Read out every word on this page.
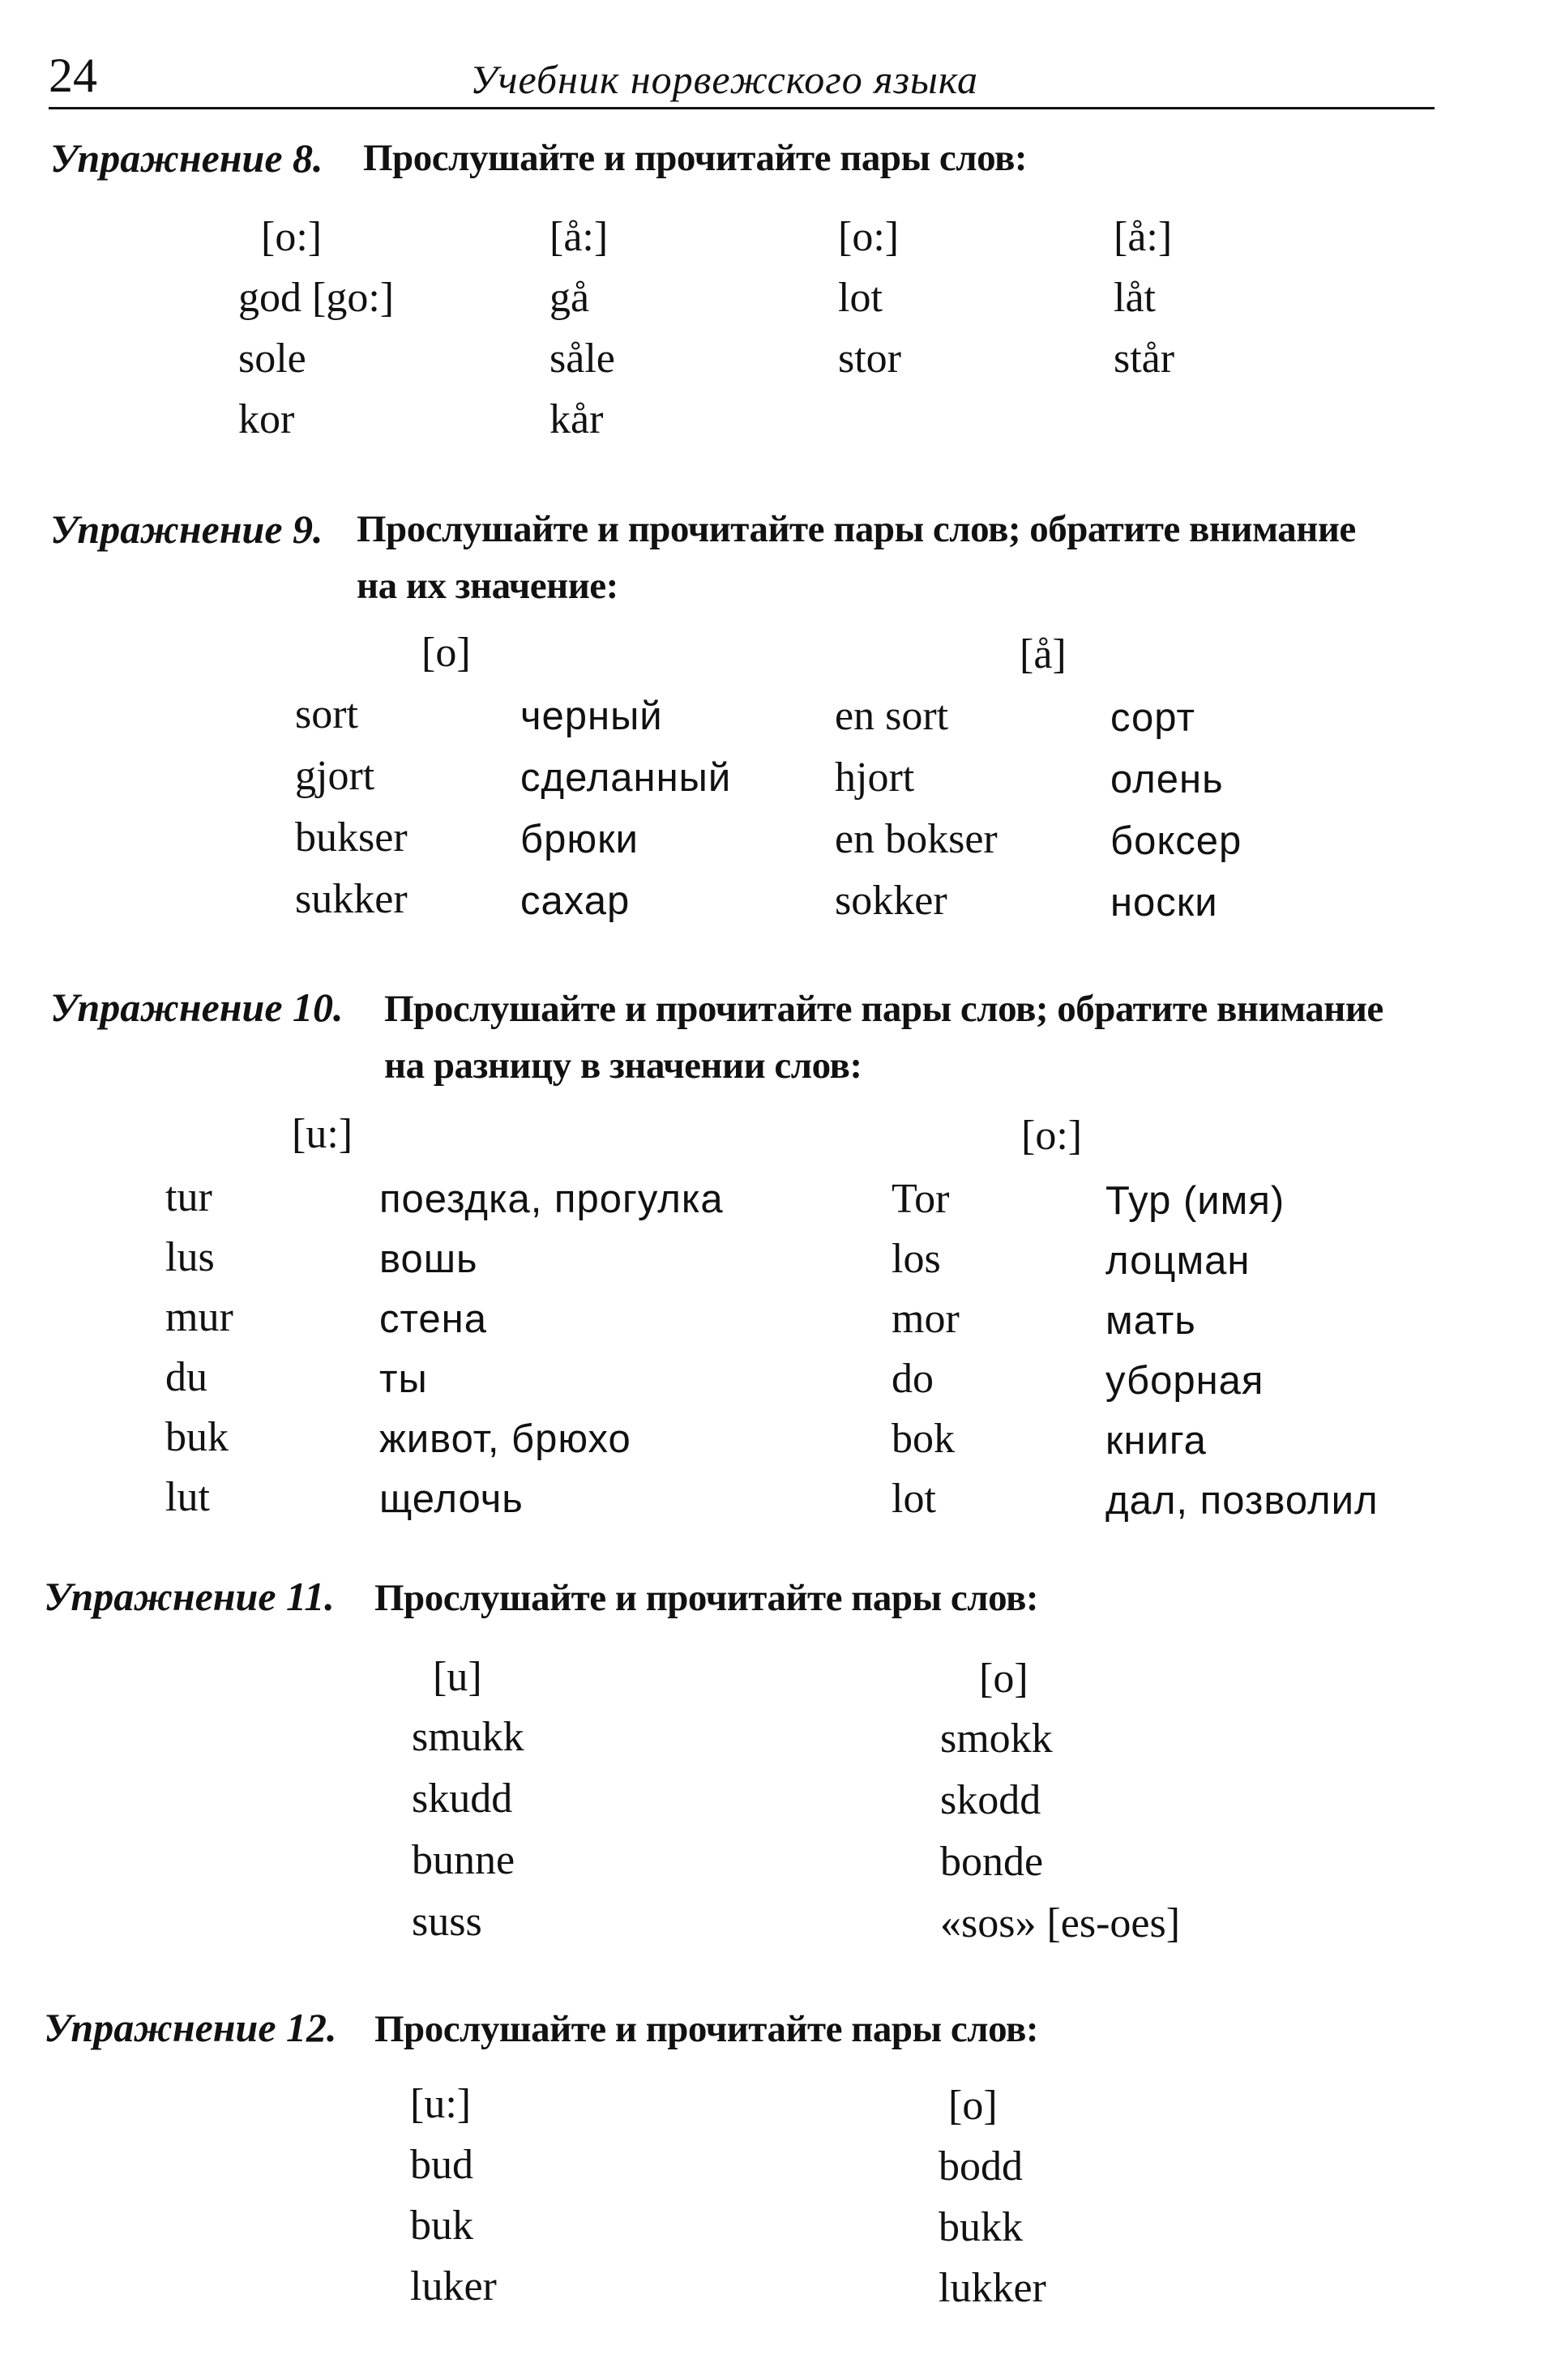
24	Учебник норвежского языка
Упражнение 8. Прослушайте и прочитайте пары слов:
[o:]
god [go:]
sole
kor
[å:]
gå
såle
kår
[o:]
lot
stor
[å:]
låt
står
Упражнение 9. Прослушайте и прочитайте пары слов; обратите внимание
на их значение:
[o]
sort
gjort
bukser
sukker
черный
сделанный
брюки
сахар
en sort
hjort
en bokser
sokker
[å]
сорт
олень
боксер
носки
Упражнение 10. Прослушайте и прочитайте пары слов; обратите внимание
на разницу в значении слов:
[u:]	[o:]
tur
lus
mur
du
buk
lut
поездка, прогулка
вошь
стена
ты
живот, брюхо
щелочь
Tor
los
mor
do
bok
lot
Тур (имя)
лоцман
мать
уборная
книга
дал, позволил
Упражнение 11. Прослушайте и прочитайте пары слов:
[u]
smukk
skudd
bunne
suss
[o]
smokk
skodd
bonde
«sos» [es-oes]
Упражнение 12. Прослушайте и прочитайте пары слов:
[u:]
bud
buk
luker
[o]
bodd
bukk
lukker
